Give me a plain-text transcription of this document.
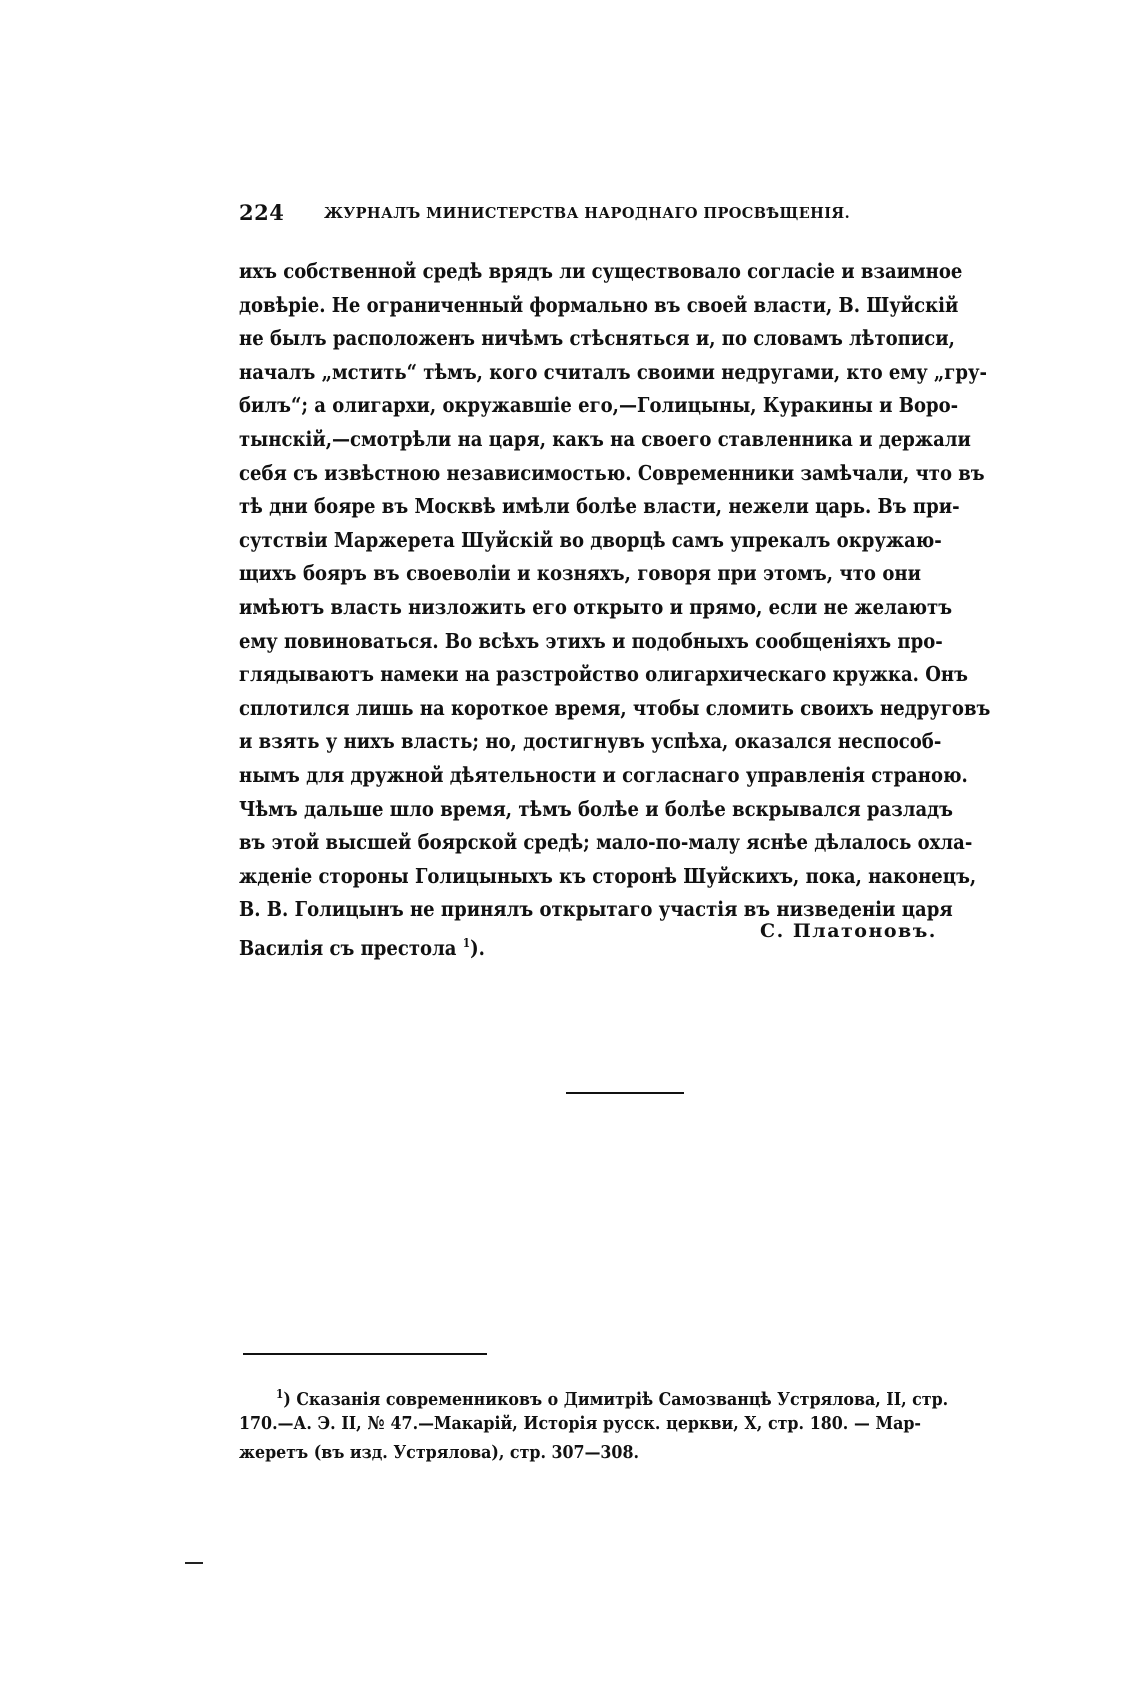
224	ЖУРНАЛЪ МИНИСТЕРСТВА НАРОДНАГО ПРОСВѢЩЕНІЯ.
ихъ собственной средѣ врядъ ли существовало согласіе и взаимное
довѣріе. Не ограниченный формально въ своей власти, В. Шуйскій
не былъ расположенъ ничѣмъ стѣсняться и, по словамъ лѣтописи,
началъ „мстить“ тѣмъ, кого считалъ своими недругами, кто ему „гру-
билъ“; а олигархи, окружавшіе его,—Голицыны, Куракины и Воро-
тынскій,—смотрѣли на царя, какъ на своего ставленника и держали
себя съ извѣстною независимостью. Современники замѣчали, что въ
тѣ дни бояре въ Москвѣ имѣли болѣе власти, нежели царь. Въ при-
сутствіи Маржерета Шуйскій во дворцѣ самъ упрекалъ окружаю-
щихъ бояръ въ своеволіи и козняхъ, говоря при этомъ, что они
имѣютъ власть низложить его открыто и прямо, если не желаютъ
ему повиноваться. Во всѣхъ этихъ и подобныхъ сообщеніяхъ про-
глядываютъ намеки на разстройство олигархическаго кружка. Онъ
сплотился лишь на короткое время, чтобы сломить своихъ недруговъ
и взять у нихъ власть; но, достигнувъ успѣха, оказался неспособ-
нымъ для дружной дѣятельности и согласнаго управленія страною.
Чѣмъ дальше шло время, тѣмъ болѣе и болѣе вскрывался разладъ
въ этой высшей боярской средѣ; мало-по-малу яснѣе дѣлалось охла-
жденіе стороны Голицыныхъ къ сторонѣ Шуйскихъ, пока, наконецъ,
В. В. Голицынъ не принялъ открытаго участія въ низведеніи царя
Василія съ престола $^1$).
С. Платоновъ.
$^1$) Сказанія современниковъ о Димитріѣ Самозванцѣ Устрялова, II, стр.
170.—А. Э. II, № 47.—Макарій, Исторія русск. церкви, X, стр. 180. — Мар-
жеретъ (въ изд. Устрялова), стр. 307—308.
